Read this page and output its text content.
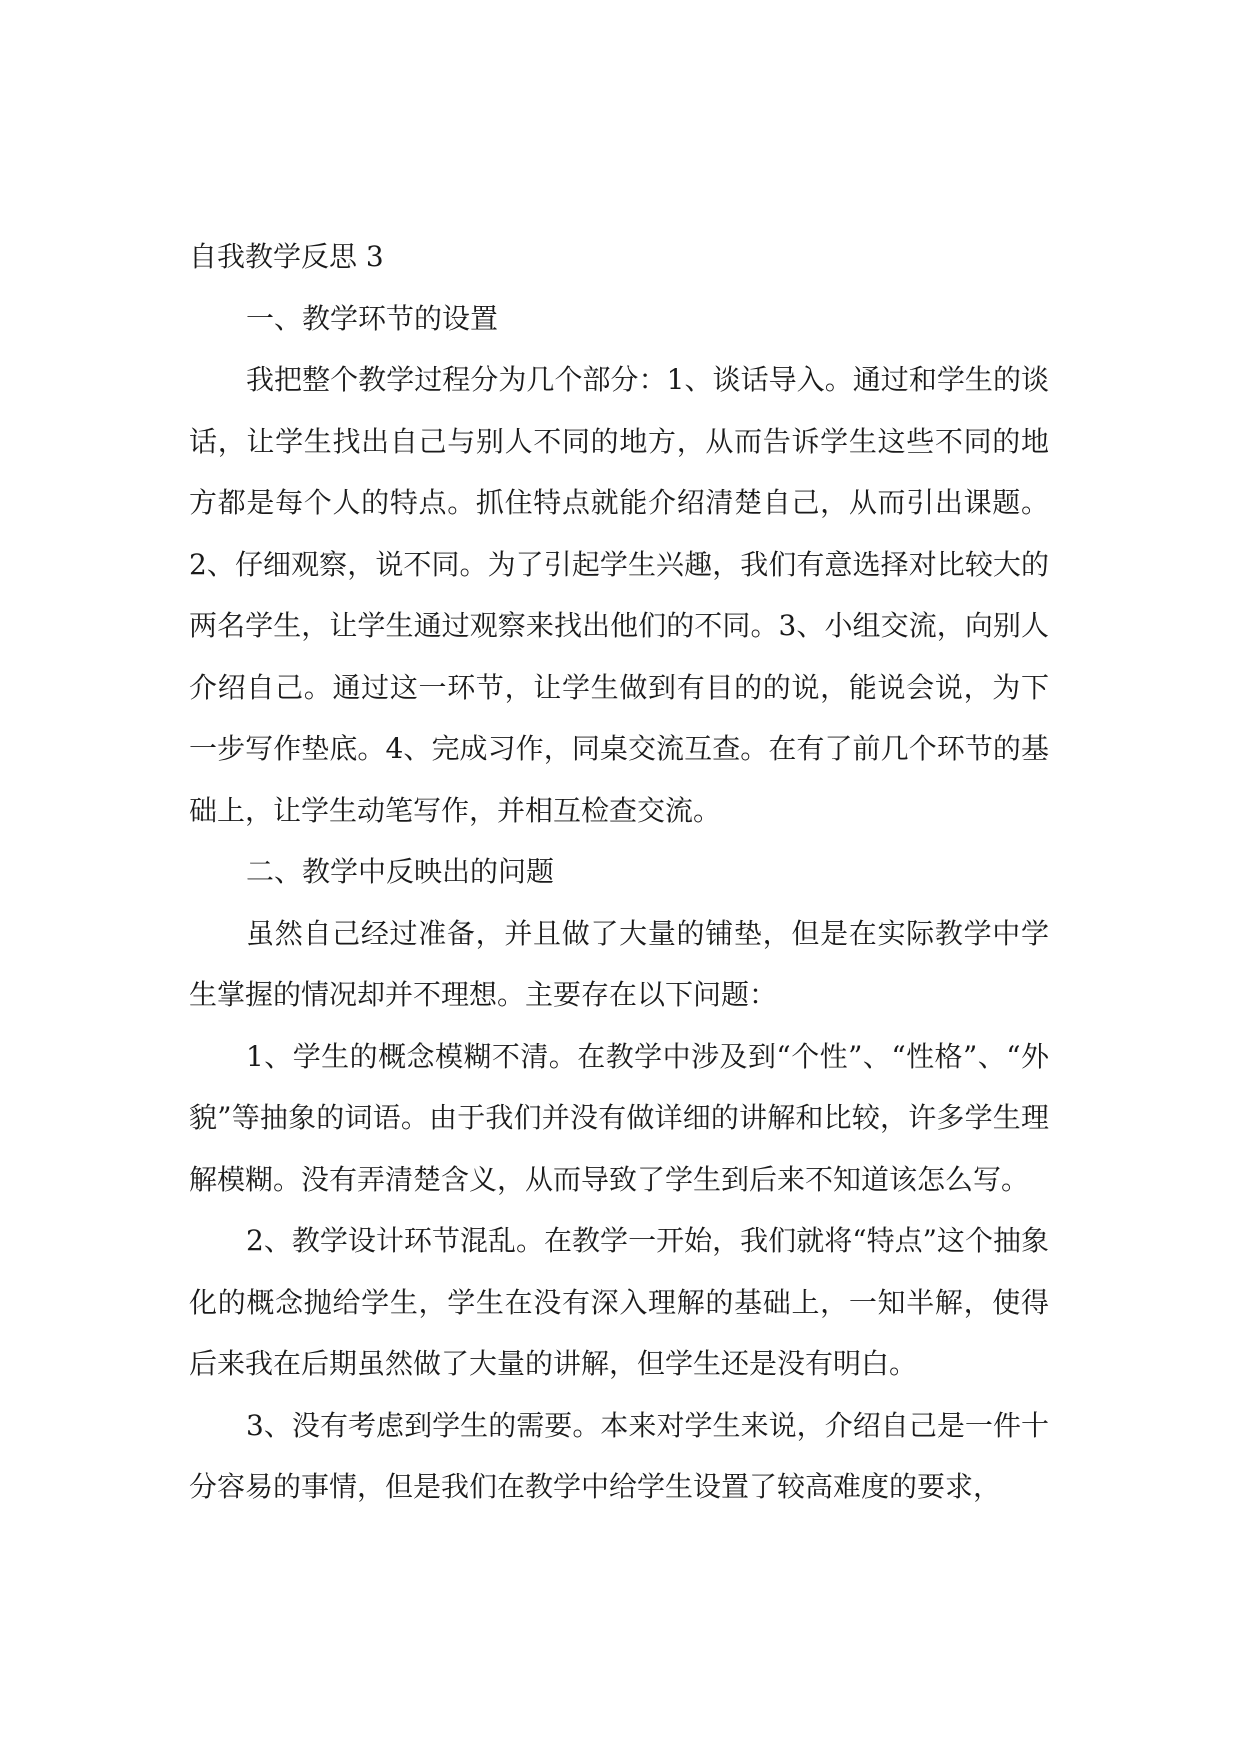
自我教学反思 3

一、教学环节的设置

我把整个教学过程分为几个部分：1、谈话导入。通过和学生的谈话，让学生找出自己与别人不同的地方，从而告诉学生这些不同的地方都是每个人的特点。抓住特点就能介绍清楚自己，从而引出课题。2、仔细观察，说不同。为了引起学生兴趣，我们有意选择对比较大的两名学生，让学生通过观察来找出他们的不同。3、小组交流，向别人介绍自己。通过这一环节，让学生做到有目的的说，能说会说，为下一步写作垫底。4、完成习作，同桌交流互查。在有了前几个环节的基础上，让学生动笔写作，并相互检查交流。

二、教学中反映出的问题

虽然自己经过准备，并且做了大量的铺垫，但是在实际教学中学生掌握的情况却并不理想。主要存在以下问题：

1、学生的概念模糊不清。在教学中涉及到“个性”、“性格”、“外貌”等抽象的词语。由于我们并没有做详细的讲解和比较，许多学生理解模糊。没有弄清楚含义，从而导致了学生到后来不知道该怎么写。

2、教学设计环节混乱。在教学一开始，我们就将“特点”这个抽象化的概念抛给学生，学生在没有深入理解的基础上，一知半解，使得后来我在后期虽然做了大量的讲解，但学生还是没有明白。

3、没有考虑到学生的需要。本来对学生来说，介绍自己是一件十分容易的事情，但是我们在教学中给学生设置了较高难度的要求，
